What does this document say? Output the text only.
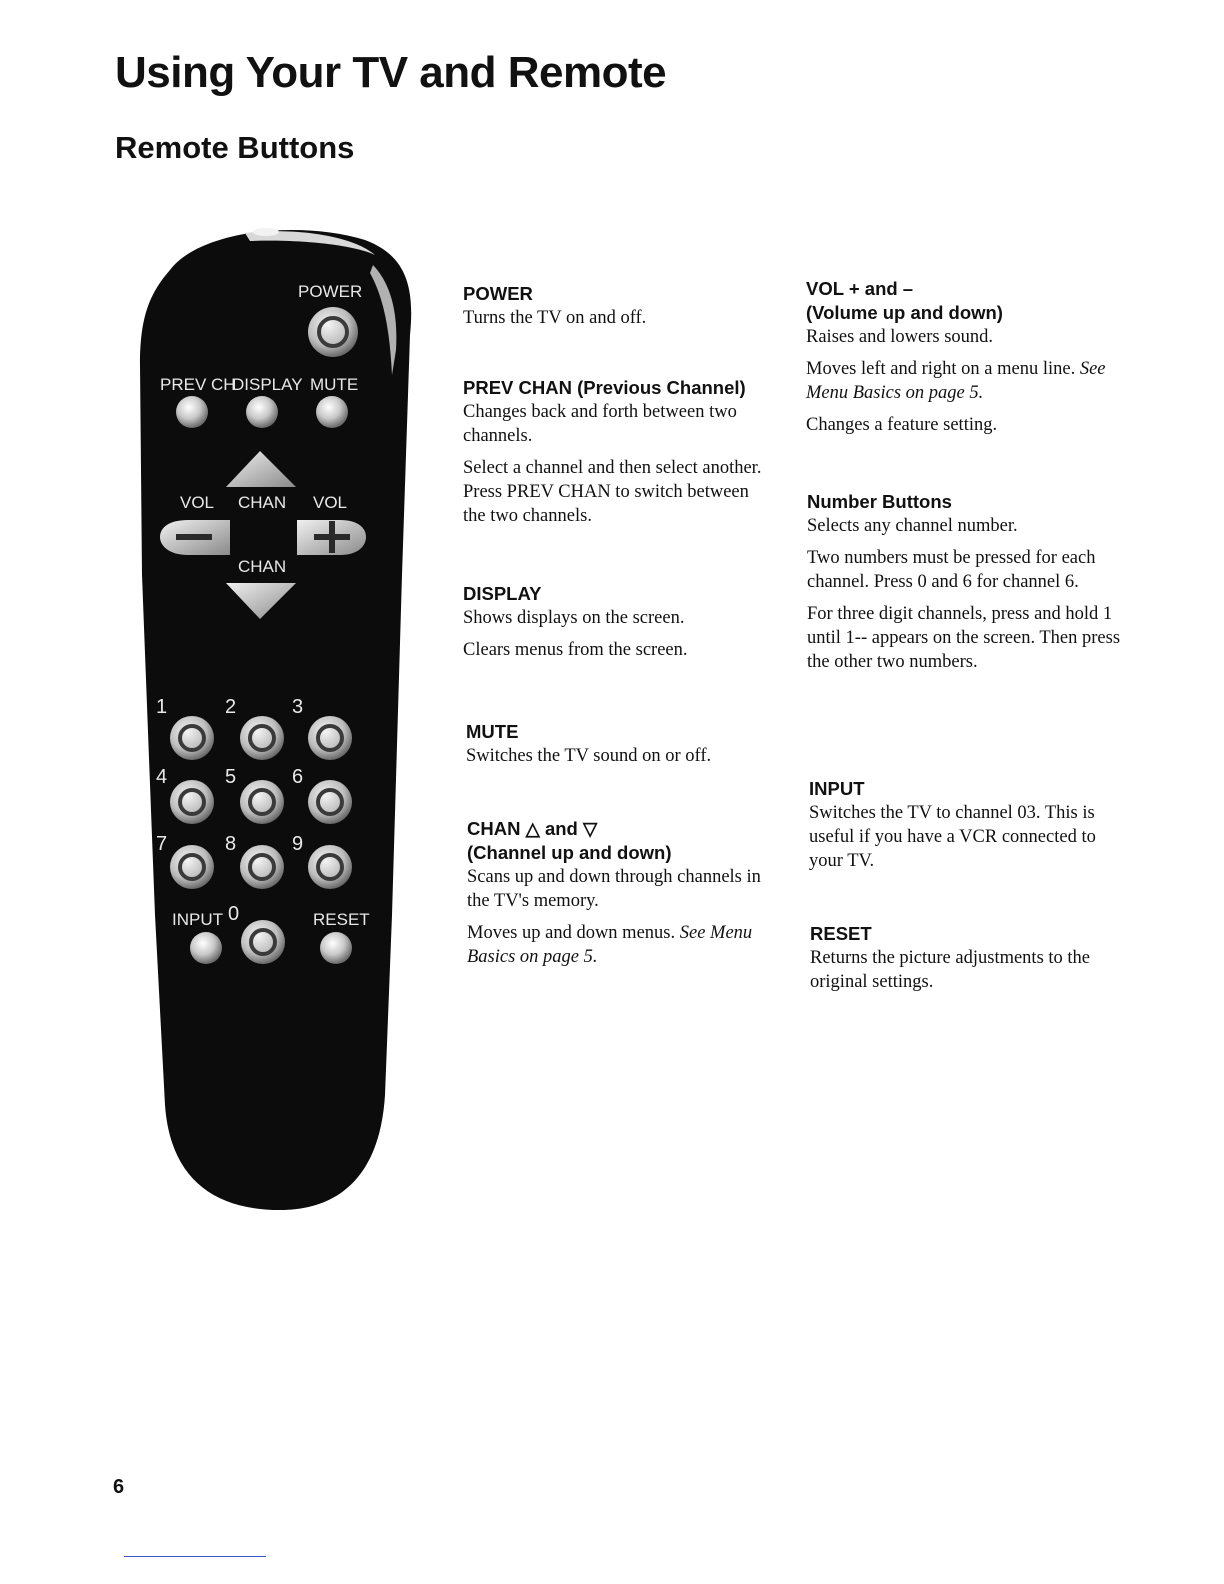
Using Your TV and Remote
Remote Buttons
POWER
PREV CH
DISPLAY MUTE
VOL CHAN VOL
CHAN
1	2	3
4	5	6
7	8	9
INPUT 0	RESET
POWER

Turns the TV on and off.

PREV CHAN (Previous Channel)

Changes back and forth between two channels.

Select a channel and then select another. Press PREV CHAN to switch between the two channels.

DISPLAY

Shows displays on the screen.

Clears menus from the screen.

MUTE

Switches the TV sound on or off.

CHAN △ and ▽
(Channel up and down)

Scans up and down through channels in the TV's memory.

Moves up and down menus. See Menu Basics on page 5.

VOL + and –
(Volume up and down)

Raises and lowers sound.

Moves left and right on a menu line. See Menu Basics on page 5.

Changes a feature setting.

Number Buttons

Selects any channel number.

Two numbers must be pressed for each channel. Press 0 and 6 for channel 6.

For three digit channels, press and hold 1 until 1-- appears on the screen. Then press the other two numbers.

INPUT

Switches the TV to channel 03. This is useful if you have a VCR connected to your TV.

RESET

Returns the picture adjustments to the original settings.

6
